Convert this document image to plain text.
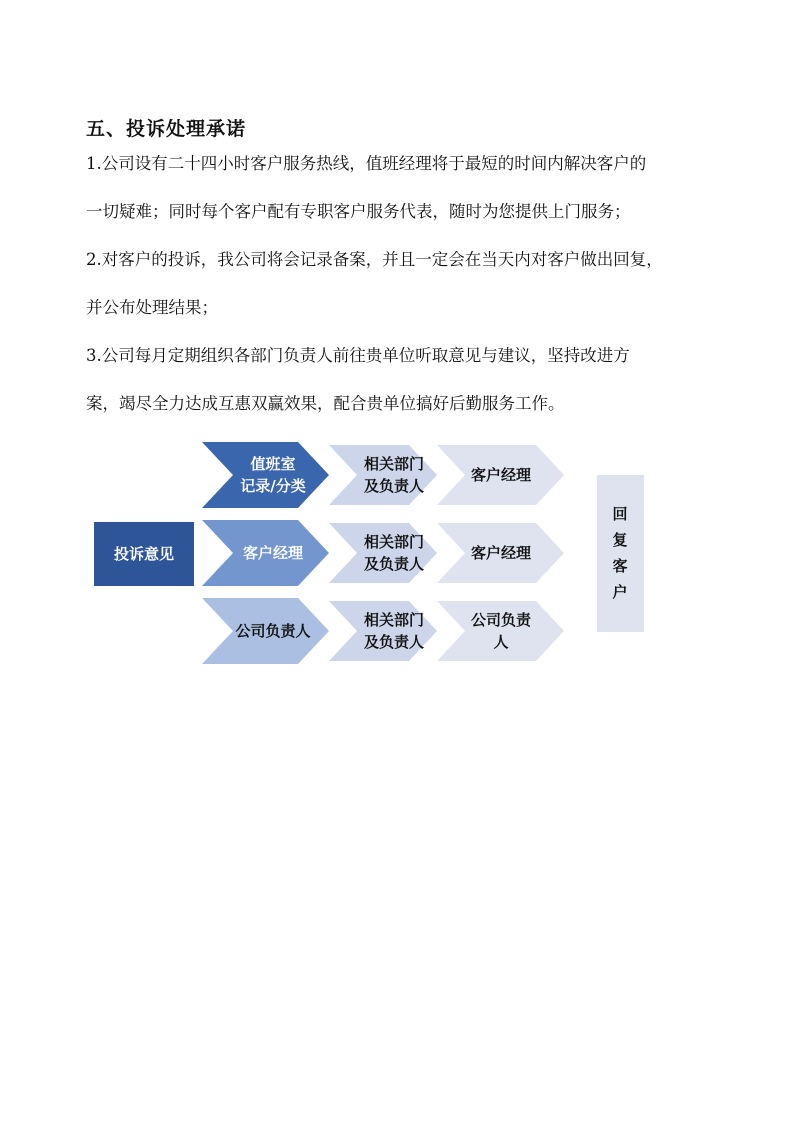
五、投诉处理承诺
1.公司设有二十四小时客户服务热线，值班经理将于最短的时间内解决客户的
一切疑难；同时每个客户配有专职客户服务代表，随时为您提供上门服务；
2.对客户的投诉，我公司将会记录备案，并且一定会在当天内对客户做出回复，
并公布处理结果；
3.公司每月定期组织各部门负责人前往贵单位听取意见与建议，坚持改进方
案，竭尽全力达成互惠双赢效果，配合贵单位搞好后勤服务工作。
投诉意见
回
复
客
户
值班室
记录/分类
相关部门
及负责人
客户经理
客户经理
相关部门
及负责人
客户经理
公司负责人
相关部门
及负责人
公司负责
人
